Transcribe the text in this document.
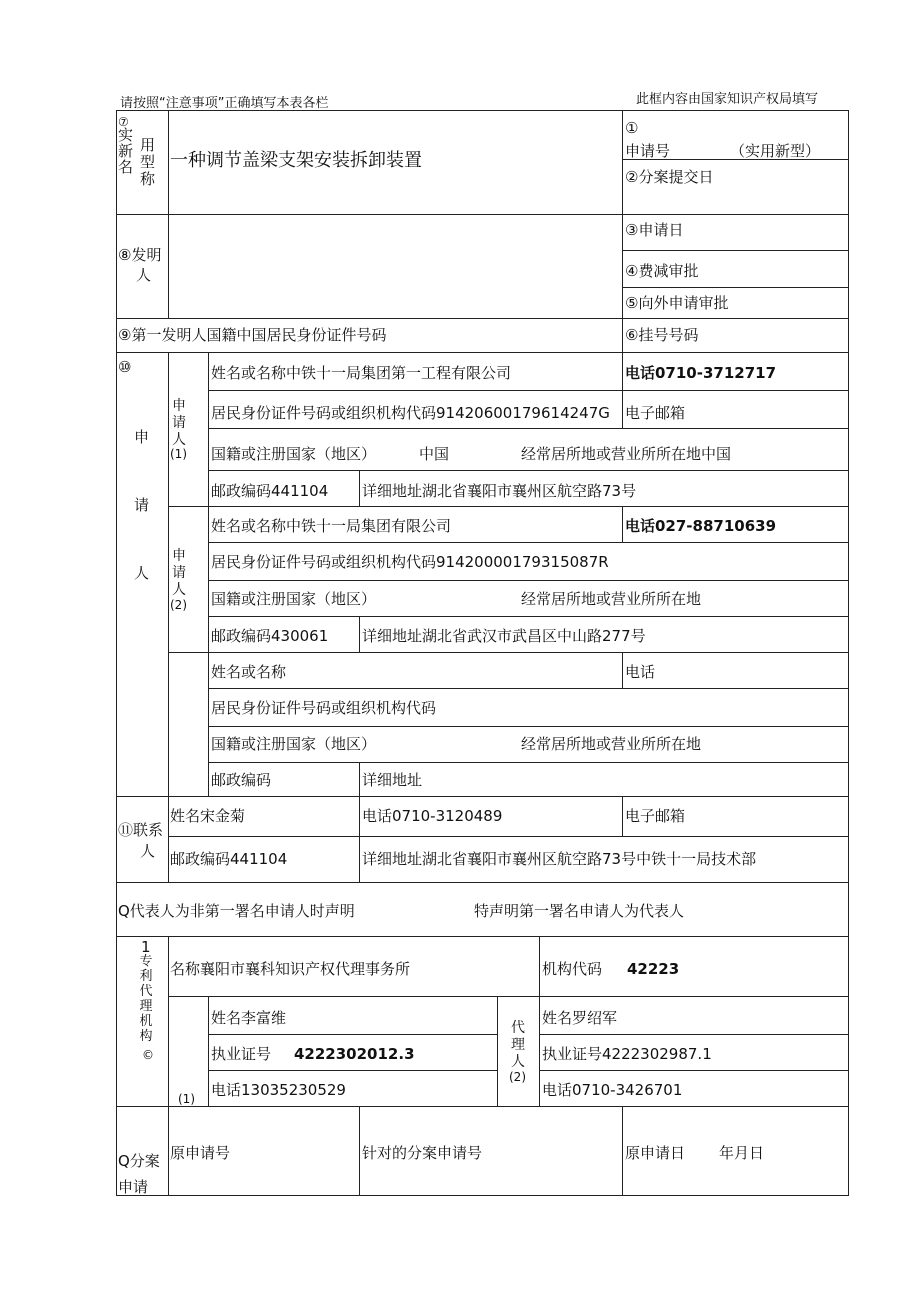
请按照“注意事项”正确填写本表各栏	此框内容由国家知识产权局填写
⑦
实
新
名
用
型
称
一种调节盖梁支架安装拆卸装置
①
申请号	（实用新型）
②分案提交日
⑧发明
人
③申请日
④费减审批
⑤向外申请审批
⑨第一发明人国籍中国居民身份证件号码	⑥挂号号码
⑩
申
请
人
申请人
(1)
姓名或名称中铁十一局集团第一工程有限公司	电话0710-3712717
居民身份证件号码或组织机构代码91420600179614247G 电子邮箱
国籍或注册国家（地区）	中国	经常居所地或营业所所在地中国
邮政编码441104 详细地址湖北省襄阳市襄州区航空路73号
申请人
(2)
姓名或名称中铁十一局集团有限公司	电话027-88710639
居民身份证件号码或组织机构代码91420000179315087R
国籍或注册国家（地区）	经常居所地或营业所所在地
邮政编码430061 详细地址湖北省武汉市武昌区中山路277号
姓名或名称	电话
居民身份证件号码或组织机构代码
国籍或注册国家（地区）	经常居所地或营业所所在地
邮政编码	详细地址
⑪联系
人
姓名宋金菊	电话0710-3120489	电子邮箱
邮政编码441104	详细地址湖北省襄阳市襄州区航空路73号中铁十一局技术部
Q代表人为非第一署名申请人时声明	特声明第一署名申请人为代表人
1
专利代理机构
©
名称襄阳市襄科知识产权代理事务所	机构代码 42223
姓名李富维
执业证号 4222302012.3
电话13035230529
(1)
代理人
(2)
姓名罗绍军
执业证号4222302987.1
电话0710-3426701
Q分案
申请
原申请号	针对的分案申请号	原申请日 年月日
